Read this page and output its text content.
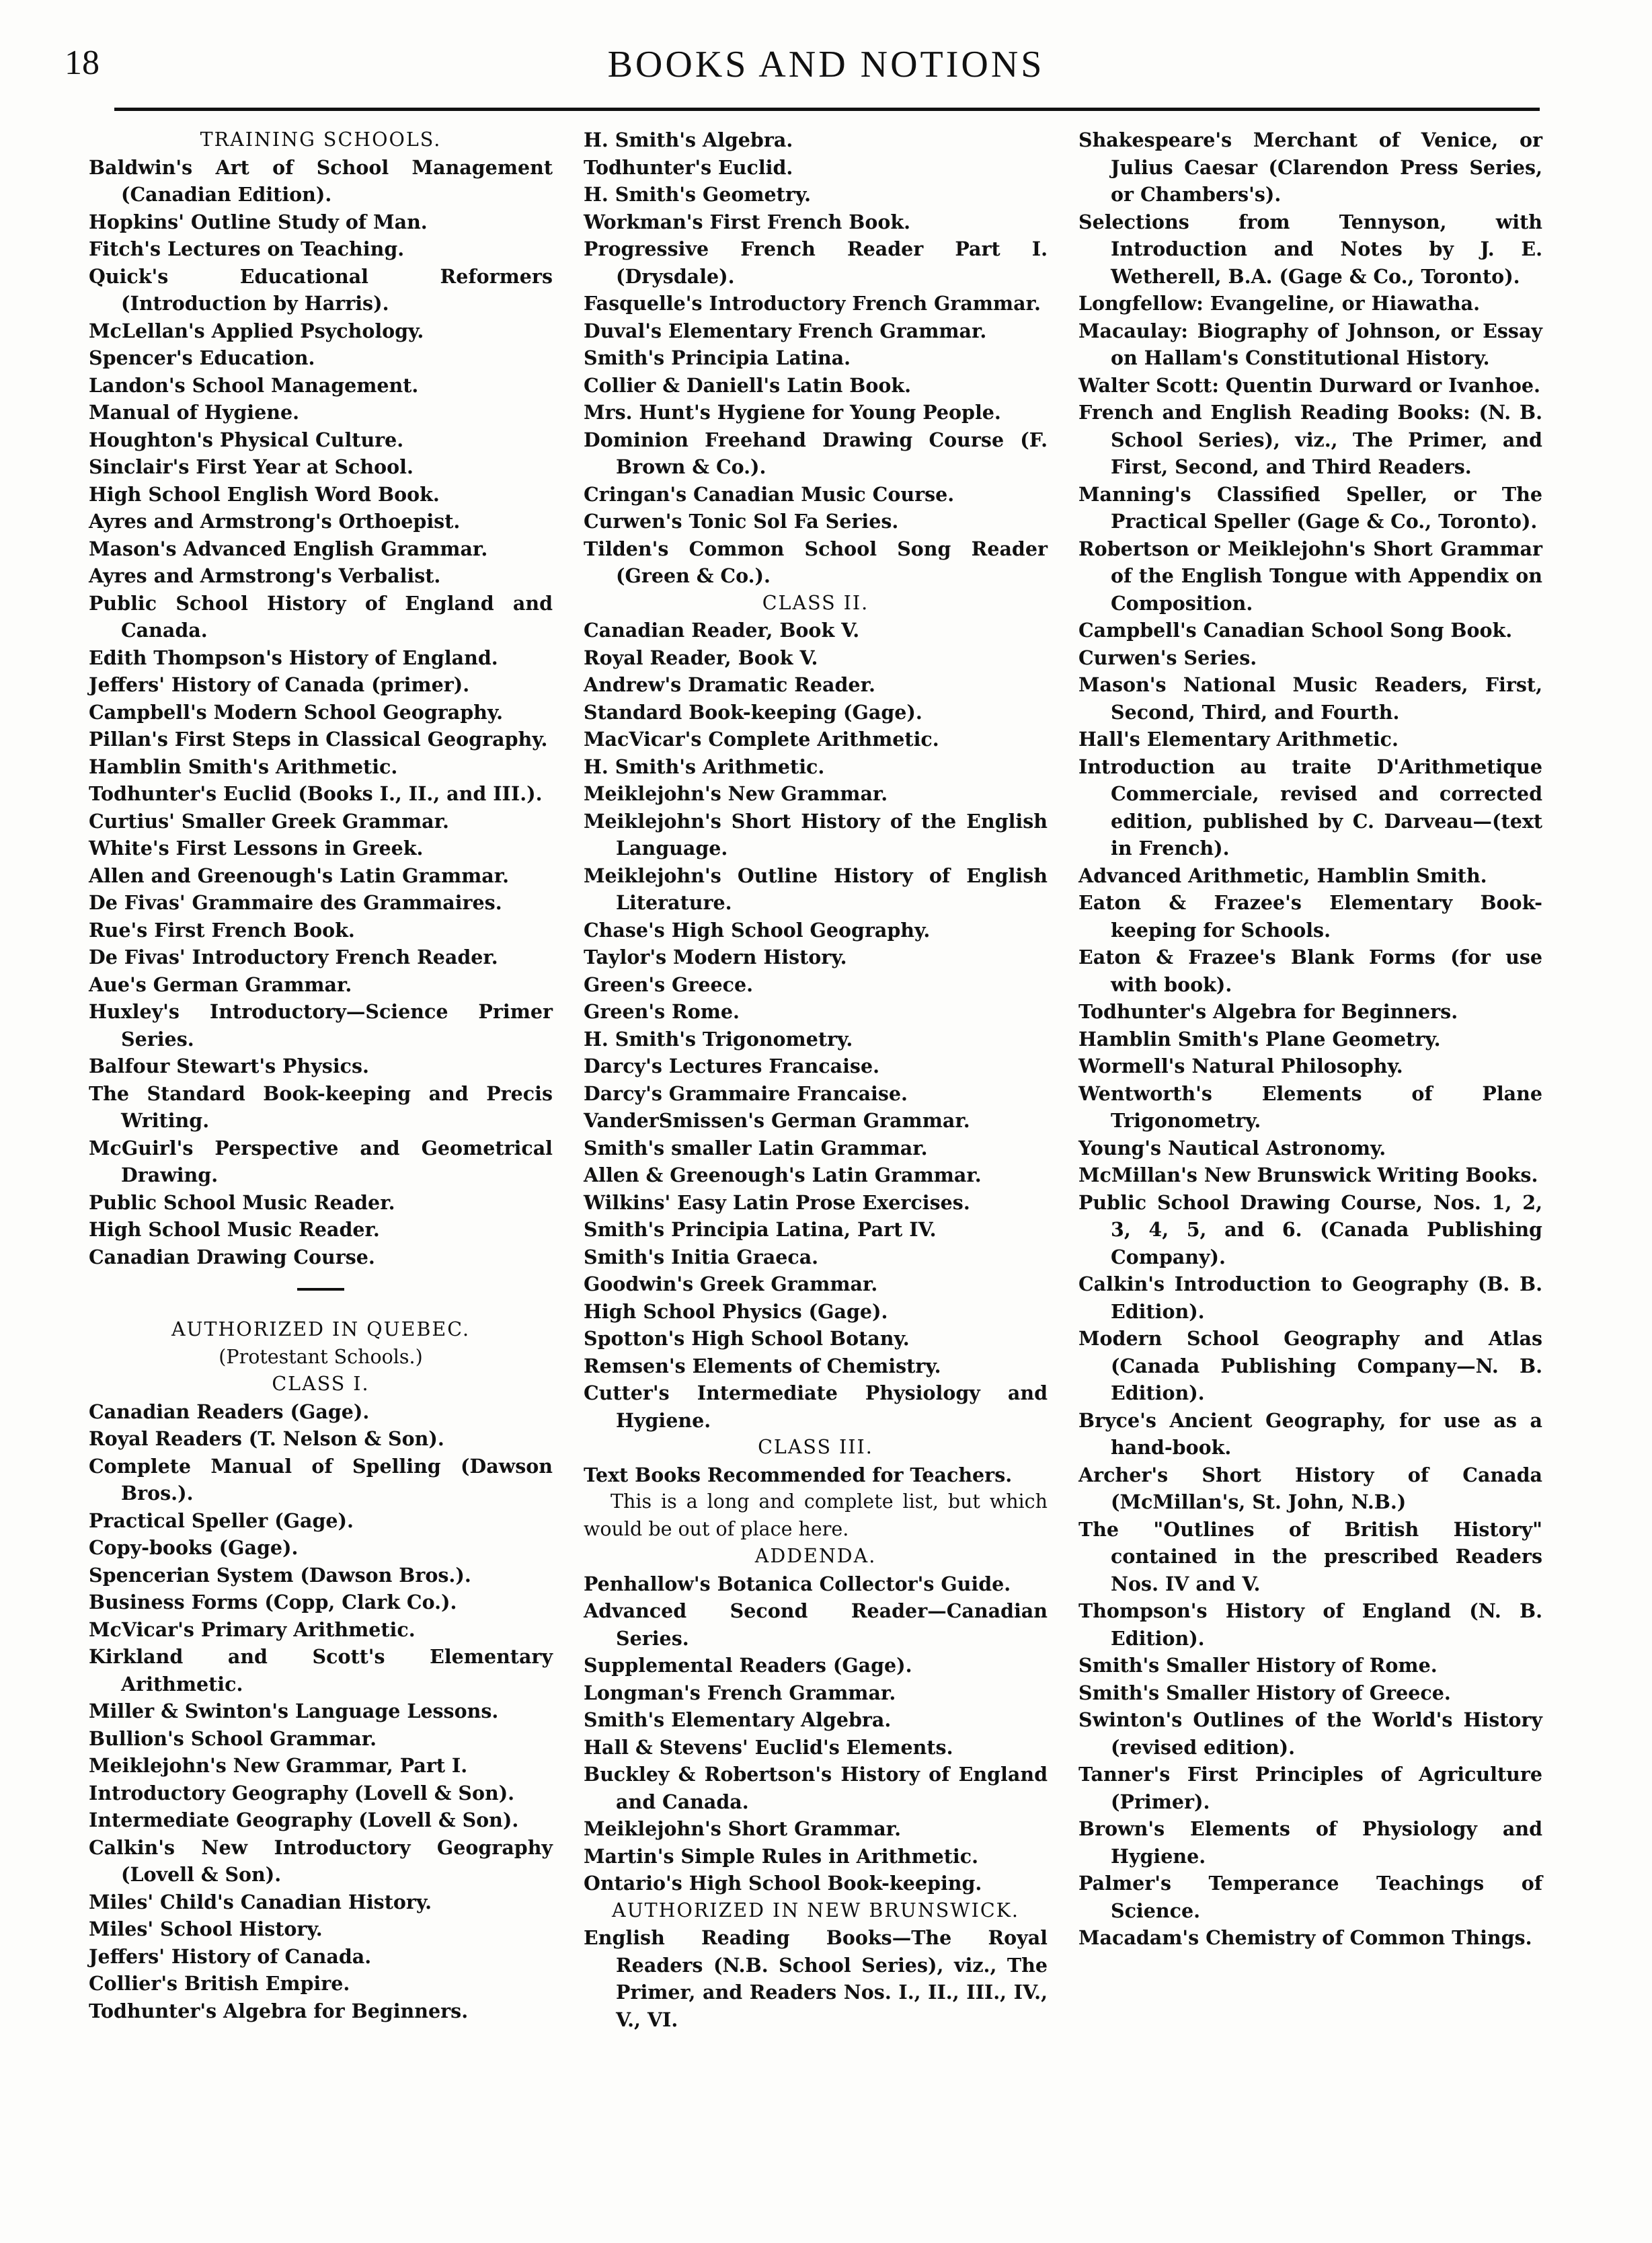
18	BOOKS AND NOTIONS
TRAINING SCHOOLS.
Baldwin's Art of School Management (Canadian Edition).
Hopkins' Outline Study of Man.
Fitch's Lectures on Teaching.
Quick's Educational Reformers (Introduction by Harris).
McLellan's Applied Psychology.
Spencer's Education.
Landon's School Management.
Manual of Hygiene.
Houghton's Physical Culture.
Sinclair's First Year at School.
High School English Word Book.
Ayres and Armstrong's Orthoepist.
Mason's Advanced English Grammar.
Ayres and Armstrong's Verbalist.
Public School History of England and Canada.
Edith Thompson's History of England.
Jeffers' History of Canada (primer).
Campbell's Modern School Geography.
Pillan's First Steps in Classical Geography.
Hamblin Smith's Arithmetic.
Todhunter's Euclid (Books I., II., and III.).
Curtius' Smaller Greek Grammar.
White's First Lessons in Greek.
Allen and Greenough's Latin Grammar.
De Fivas' Grammaire des Grammaires.
Rue's First French Book.
De Fivas' Introductory French Reader.
Aue's German Grammar.
Huxley's Introductory—Science Primer Series.
Balfour Stewart's Physics.
The Standard Book-keeping and Precis Writing.
McGuirl's Perspective and Geometrical Drawing.
Public School Music Reader.
High School Music Reader.
Canadian Drawing Course.
AUTHORIZED IN QUEBEC.
(Protestant Schools.)
CLASS I.
Canadian Readers (Gage).
Royal Readers (T. Nelson & Son).
Complete Manual of Spelling (Dawson Bros.).
Practical Speller (Gage).
Copy-books (Gage).
Spencerian System (Dawson Bros.).
Business Forms (Copp, Clark Co.).
McVicar's Primary Arithmetic.
Kirkland and Scott's Elementary Arithmetic.
Miller & Swinton's Language Lessons.
Bullion's School Grammar.
Meiklejohn's New Grammar, Part I.
Introductory Geography (Lovell & Son).
Intermediate Geography (Lovell & Son).
Calkin's New Introductory Geography (Lovell & Son).
Miles' Child's Canadian History.
Miles' School History.
Jeffers' History of Canada.
Collier's British Empire.
Todhunter's Algebra for Beginners.
H. Smith's Algebra.
Todhunter's Euclid.
H. Smith's Geometry.
Workman's First French Book.
Progressive French Reader Part I. (Drysdale).
Fasquelle's Introductory French Grammar.
Duval's Elementary French Grammar.
Smith's Principia Latina.
Collier & Daniell's Latin Book.
Mrs. Hunt's Hygiene for Young People.
Dominion Freehand Drawing Course (F. Brown & Co.).
Cringan's Canadian Music Course.
Curwen's Tonic Sol Fa Series.
Tilden's Common School Song Reader (Green & Co.).
CLASS II.
Canadian Reader, Book V.
Royal Reader, Book V.
Andrew's Dramatic Reader.
Standard Book-keeping (Gage).
MacVicar's Complete Arithmetic.
H. Smith's Arithmetic.
Meiklejohn's New Grammar.
Meiklejohn's Short History of the English Language.
Meiklejohn's Outline History of English Literature.
Chase's High School Geography.
Taylor's Modern History.
Green's Greece.
Green's Rome.
H. Smith's Trigonometry.
Darcy's Lectures Francaise.
Darcy's Grammaire Francaise.
VanderSmissen's German Grammar.
Smith's smaller Latin Grammar.
Allen & Greenough's Latin Grammar.
Wilkins' Easy Latin Prose Exercises.
Smith's Principia Latina, Part IV.
Smith's Initia Graeca.
Goodwin's Greek Grammar.
High School Physics (Gage).
Spotton's High School Botany.
Remsen's Elements of Chemistry.
Cutter's Intermediate Physiology and Hygiene.
CLASS III.
Text Books Recommended for Teachers.
This is a long and complete list, but which would be out of place here.
ADDENDA.
Penhallow's Botanica Collector's Guide.
Advanced Second Reader—Canadian Series.
Supplemental Readers (Gage).
Longman's French Grammar.
Smith's Elementary Algebra.
Hall & Stevens' Euclid's Elements.
Buckley & Robertson's History of England and Canada.
Meiklejohn's Short Grammar.
Martin's Simple Rules in Arithmetic.
Ontario's High School Book-keeping.
AUTHORIZED IN NEW BRUNSWICK.
English Reading Books—The Royal Readers (N.B. School Series), viz., The Primer, and Readers Nos. I., II., III., IV., V., VI.
Shakespeare's Merchant of Venice, or Julius Caesar (Clarendon Press Series, or Chambers's).
Selections from Tennyson, with Introduction and Notes by J. E. Wetherell, B.A. (Gage & Co., Toronto).
Longfellow: Evangeline, or Hiawatha.
Macaulay: Biography of Johnson, or Essay on Hallam's Constitutional History.
Walter Scott: Quentin Durward or Ivanhoe.
French and English Reading Books: (N. B. School Series), viz., The Primer, and First, Second, and Third Readers.
Manning's Classified Speller, or The Practical Speller (Gage & Co., Toronto).
Robertson or Meiklejohn's Short Grammar of the English Tongue with Appendix on Composition.
Campbell's Canadian School Song Book.
Curwen's Series.
Mason's National Music Readers, First, Second, Third, and Fourth.
Hall's Elementary Arithmetic.
Introduction au traite D'Arithmetique Commerciale, revised and corrected edition, published by C. Darveau—(text in French).
Advanced Arithmetic, Hamblin Smith.
Eaton & Frazee's Elementary Book-keeping for Schools.
Eaton & Frazee's Blank Forms (for use with book).
Todhunter's Algebra for Beginners.
Hamblin Smith's Plane Geometry.
Wormell's Natural Philosophy.
Wentworth's Elements of Plane Trigonometry.
Young's Nautical Astronomy.
McMillan's New Brunswick Writing Books.
Public School Drawing Course, Nos. 1, 2, 3, 4, 5, and 6. (Canada Publishing Company).
Calkin's Introduction to Geography (B. B. Edition).
Modern School Geography and Atlas (Canada Publishing Company—N. B. Edition).
Bryce's Ancient Geography, for use as a hand-book.
Archer's Short History of Canada (McMillan's, St. John, N.B.)
The "Outlines of British History" contained in the prescribed Readers Nos. IV and V.
Thompson's History of England (N. B. Edition).
Smith's Smaller History of Rome.
Smith's Smaller History of Greece.
Swinton's Outlines of the World's History (revised edition).
Tanner's First Principles of Agriculture (Primer).
Brown's Elements of Physiology and Hygiene.
Palmer's Temperance Teachings of Science.
Macadam's Chemistry of Common Things.
